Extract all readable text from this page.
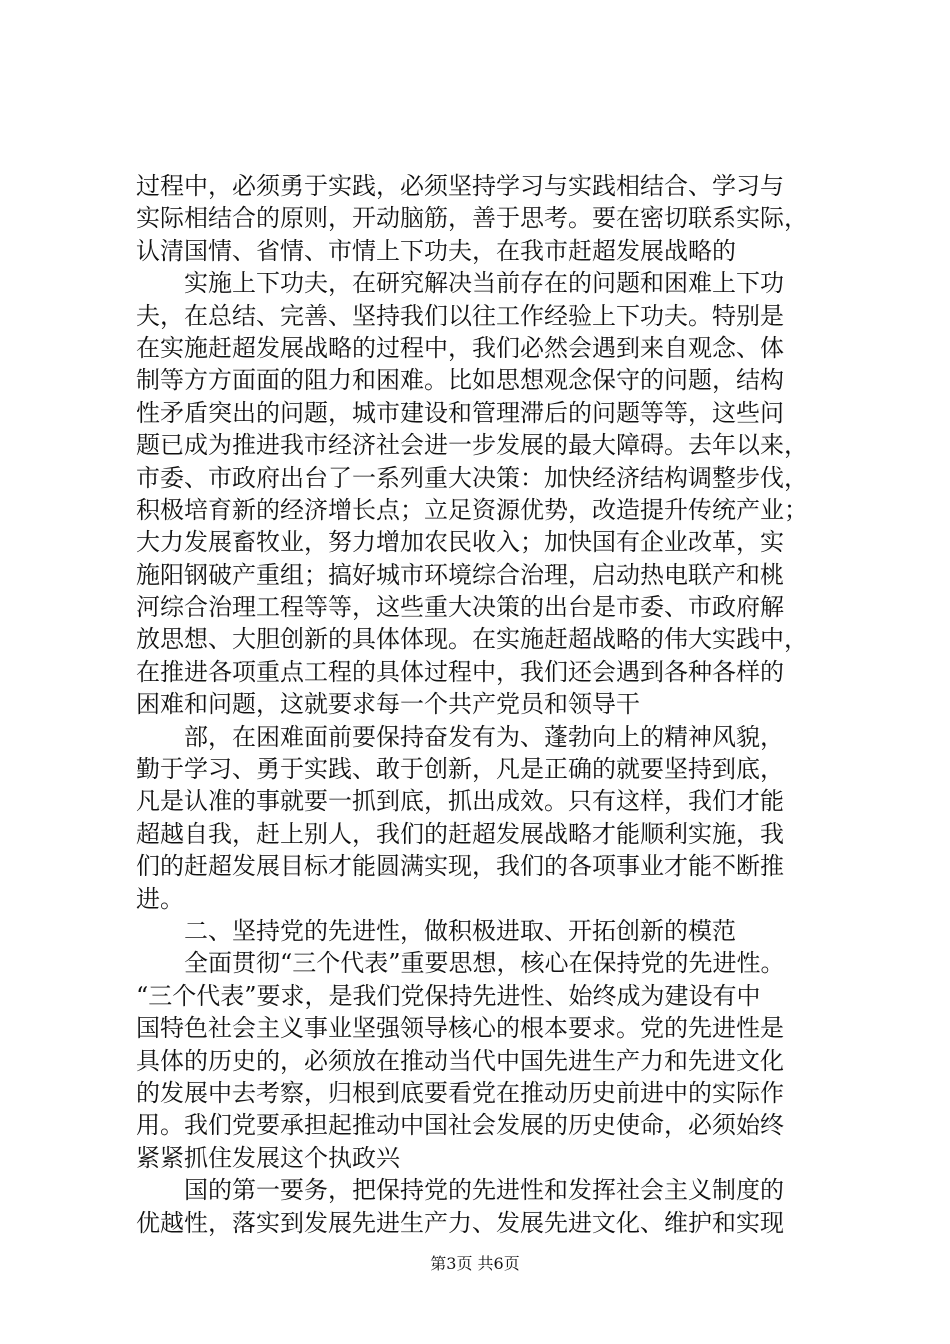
过程中，必须勇于实践，必须坚持学习与实践相结合、学习与
实际相结合的原则，开动脑筋，善于思考。要在密切联系实际，
认清国情、省情、市情上下功夫，在我市赶超发展战略的
实施上下功夫，在研究解决当前存在的问题和困难上下功
夫，在总结、完善、坚持我们以往工作经验上下功夫。特别是
在实施赶超发展战略的过程中，我们必然会遇到来自观念、体
制等方方面面的阻力和困难。比如思想观念保守的问题，结构
性矛盾突出的问题，城市建设和管理滞后的问题等等，这些问
题已成为推进我市经济社会进一步发展的最大障碍。去年以来，
市委、市政府出台了一系列重大决策：加快经济结构调整步伐，
积极培育新的经济增长点；立足资源优势，改造提升传统产业；
大力发展畜牧业，努力增加农民收入；加快国有企业改革，实
施阳钢破产重组；搞好城市环境综合治理，启动热电联产和桃
河综合治理工程等等，这些重大决策的出台是市委、市政府解
放思想、大胆创新的具体体现。在实施赶超战略的伟大实践中，
在推进各项重点工程的具体过程中，我们还会遇到各种各样的
困难和问题，这就要求每一个共产党员和领导干
部，在困难面前要保持奋发有为、蓬勃向上的精神风貌，
勤于学习、勇于实践、敢于创新，凡是正确的就要坚持到底，
凡是认准的事就要一抓到底，抓出成效。只有这样，我们才能
超越自我，赶上别人，我们的赶超发展战略才能顺利实施，我
们的赶超发展目标才能圆满实现，我们的各项事业才能不断推
进。
二、坚持党的先进性，做积极进取、开拓创新的模范
全面贯彻“三个代表”重要思想，核心在保持党的先进性。
“三个代表”要求，是我们党保持先进性、始终成为建设有中
国特色社会主义事业坚强领导核心的根本要求。党的先进性是
具体的历史的，必须放在推动当代中国先进生产力和先进文化
的发展中去考察，归根到底要看党在推动历史前进中的实际作
用。我们党要承担起推动中国社会发展的历史使命，必须始终
紧紧抓住发展这个执政兴
国的第一要务，把保持党的先进性和发挥社会主义制度的
优越性，落实到发展先进生产力、发展先进文化、维护和实现
第3页 共6页
